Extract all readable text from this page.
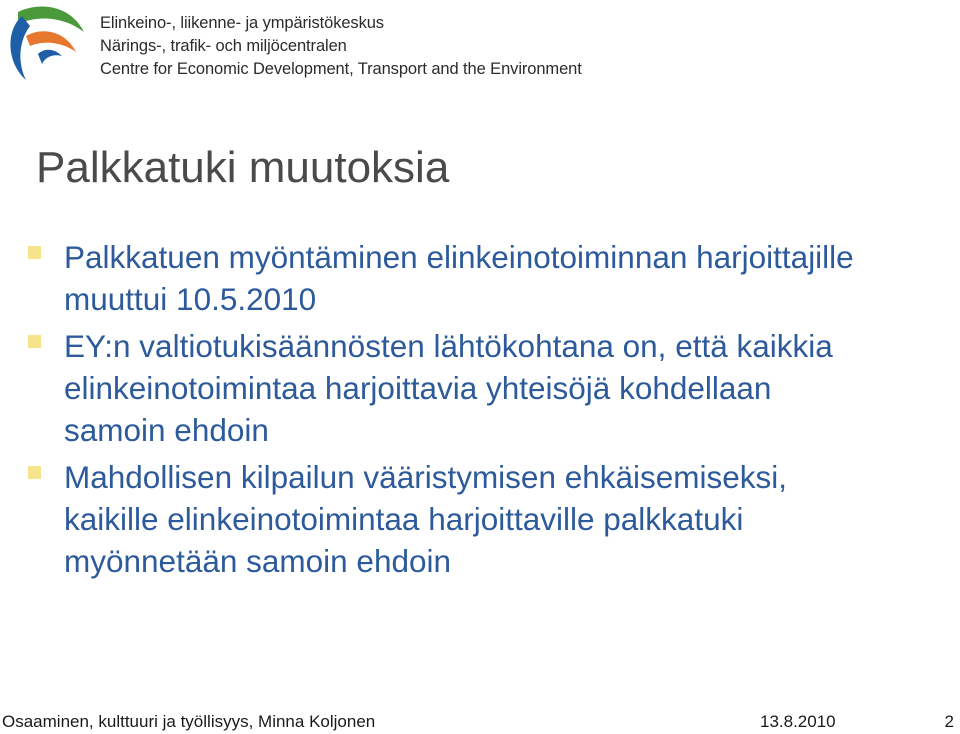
Elinkeino-, liikenne- ja ympäristökeskus
Närings-, trafik- och miljöcentralen
Centre for Economic Development, Transport and the Environment
Palkkatuki muutoksia
Palkkatuen myöntäminen elinkeinotoiminnan harjoittajille
muuttui 10.5.2010
EY:n valtiotukisäännösten lähtökohtana on, että kaikkia
elinkeinotoimintaa harjoittavia yhteisöjä kohdellaan
samoin ehdoin
Mahdollisen kilpailun vääristymisen ehkäisemiseksi,
kaikille elinkeinotoimintaa harjoittaville palkkatuki
myönnetään samoin ehdoin
Osaaminen, kulttuuri ja työllisyys, Minna Koljonen	13.8.2010	2
